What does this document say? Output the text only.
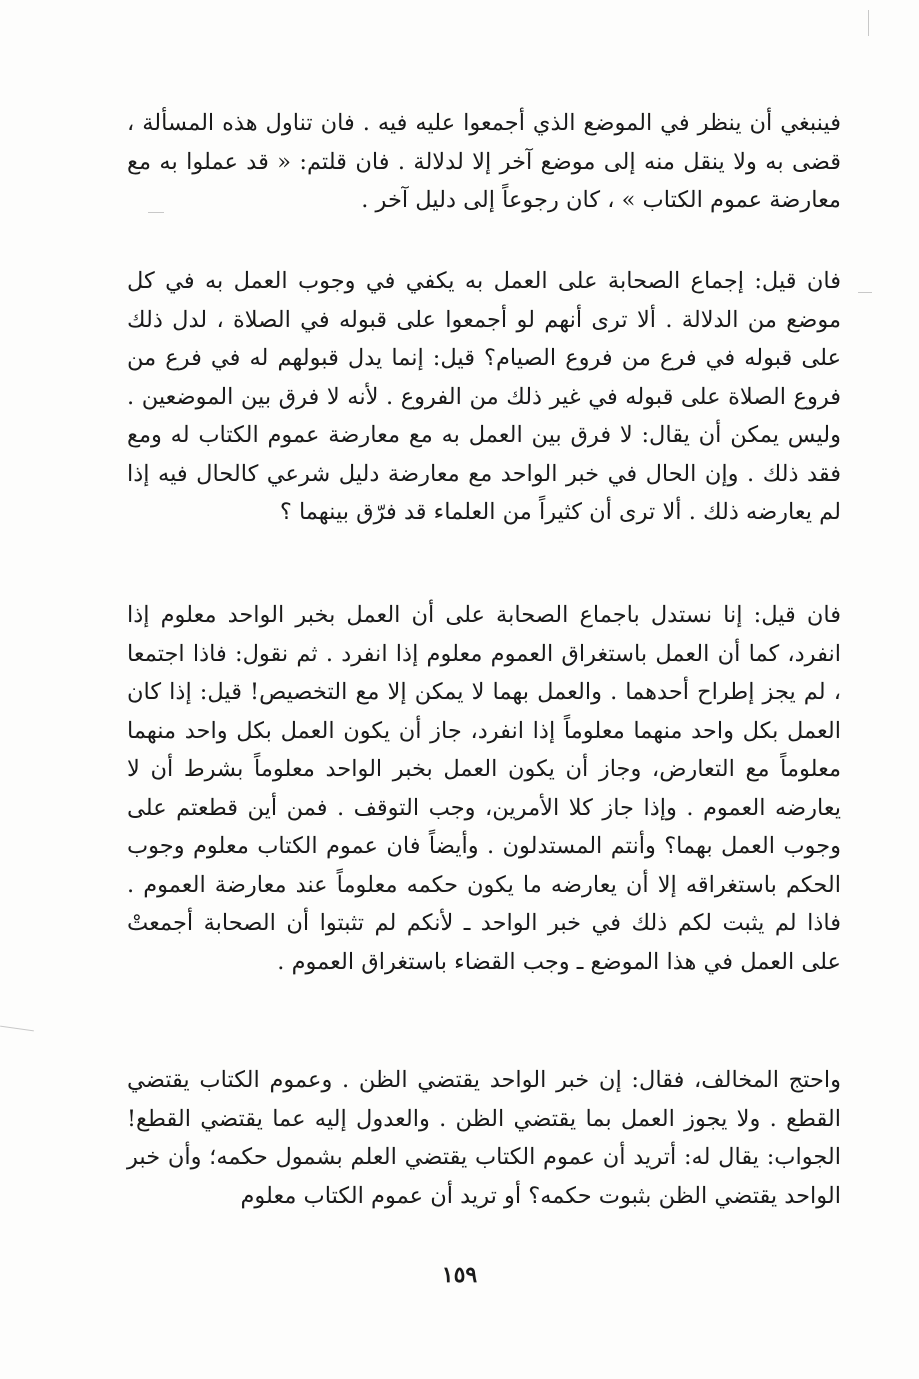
فينبغي أن ينظر في الموضع الذي أجمعوا عليه فيه . فان تناول هذه المسألة ، قضى به ولا ينقل منه إلى موضع آخر إلا لدلالة . فان قلتم: « قد عملوا به مع معارضة عموم الكتاب » ، كان رجوعاً إلى دليل آخر .

فان قيل: إجماع الصحابة على العمل به يكفي في وجوب العمل به في كل موضع من الدلالة . ألا ترى أنهم لو أجمعوا على قبوله في الصلاة ، لدل ذلك على قبوله في فرع من فروع الصيام؟ قيل: إنما يدل قبولهم له في فرع من فروع الصلاة على قبوله في غير ذلك من الفروع . لأنه لا فرق بين الموضعين . وليس يمكن أن يقال: لا فرق بين العمل به مع معارضة عموم الكتاب له ومع فقد ذلك . وإن الحال في خبر الواحد مع معارضة دليل شرعي كالحال فيه إذا لم يعارضه ذلك . ألا ترى أن كثيراً من العلماء قد فرّق بينهما ؟

فان قيل: إنا نستدل باجماع الصحابة على أن العمل بخبر الواحد معلوم إذا انفرد، كما أن العمل باستغراق العموم معلوم إذا انفرد . ثم نقول: فاذا اجتمعا ، لم يجز إطراح أحدهما . والعمل بهما لا يمكن إلا مع التخصيص! قيل: إذا كان العمل بكل واحد منهما معلوماً إذا انفرد، جاز أن يكون العمل بكل واحد منهما معلوماً مع التعارض، وجاز أن يكون العمل بخبر الواحد معلوماً بشرط أن لا يعارضه العموم . وإذا جاز كلا الأمرين، وجب التوقف . فمن أين قطعتم على وجوب العمل بهما؟ وأنتم المستدلون . وأيضاً فان عموم الكتاب معلوم وجوب الحكم باستغراقه إلا أن يعارضه ما يكون حكمه معلوماً عند معارضة العموم . فاذا لم يثبت لكم ذلك في خبر الواحد ـ لأنكم لم تثبتوا أن الصحابة أجمعتْ على العمل في هذا الموضع ـ وجب القضاء باستغراق العموم .

واحتج المخالف، فقال: إن خبر الواحد يقتضي الظن . وعموم الكتاب يقتضي القطع . ولا يجوز العمل بما يقتضي الظن . والعدول إليه عما يقتضي القطع! الجواب: يقال له: أتريد أن عموم الكتاب يقتضي العلم بشمول حكمه؛ وأن خبر الواحد يقتضي الظن بثبوت حكمه؟ أو تريد أن عموم الكتاب معلوم

١٥٩
